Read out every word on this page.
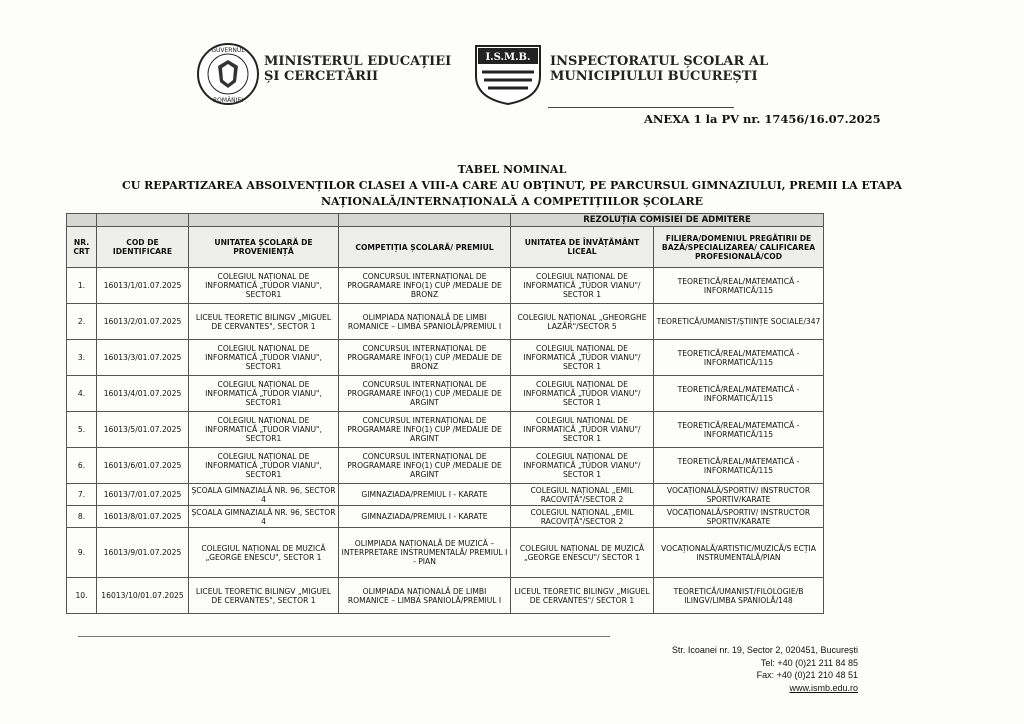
GUVERNUL
ROMÂNIEI
MINISTERUL EDUCAȚIEI
ȘI CERCETĂRII
I.S.M.B. INSPECTORATUL ȘCOLAR AL
MUNICIPIULUI BUCUREȘTI
ANEXA 1 la PV nr. 17456/16.07.2025
TABEL NOMINAL
CU REPARTIZAREA ABSOLVENȚILOR CLASEI A VIII-A CARE AU OBȚINUT, PE PARCURSUL GIMNAZIULUI, PREMII LA ETAPA
NAȚIONALĂ/INTERNAȚIONALĂ A COMPETIȚIILOR ȘCOLARE
				REZOLUȚIA COMISIEI DE ADMITERE	
NR. CRT	COD DE IDENTIFICARE	UNITATEA ȘCOLARĂ DE PROVENIENȚĂ	COMPETIȚIA ȘCOLARĂ/ PREMIUL	UNITATEA DE ÎNVĂȚĂMÂNT LICEAL	FILIERA/DOMENIUL PREGĂTIRII DE BAZĂ/SPECIALIZAREA/ CALIFICAREA PROFESIONALĂ/COD
1.	16013/1/01.07.2025	COLEGIUL NAȚIONAL DE INFORMATICĂ „TUDOR VIANU", SECTOR1	CONCURSUL INTERNAȚIONAL DE PROGRAMARE INFO(1) CUP /MEDALIE DE BRONZ	COLEGIUL NAȚIONAL DE INFORMATICĂ „TUDOR VIANU"/ SECTOR 1	TEORETICĂ/REAL/MATEMATICĂ - INFORMATICĂ/115
2.	16013/2/01.07.2025	LICEUL TEORETIC BILINGV „MIGUEL DE CERVANTES", SECTOR 1	OLIMPIADA NAȚIONALĂ DE LIMBI ROMANICE – LIMBA SPANIOLĂ/PREMIUL I	COLEGIUL NAȚIONAL „GHEORGHE LAZĂR"/SECTOR 5	TEORETICĂ/UMANIST/ȘTIINȚE SOCIALE/347
3.	16013/3/01.07.2025	COLEGIUL NAȚIONAL DE INFORMATICĂ „TUDOR VIANU", SECTOR1	CONCURSUL INTERNAȚIONAL DE PROGRAMARE INFO(1) CUP /MEDALIE DE BRONZ	COLEGIUL NAȚIONAL DE INFORMATICĂ „TUDOR VIANU"/ SECTOR 1	TEORETICĂ/REAL/MATEMATICĂ - INFORMATICĂ/115
4.	16013/4/01.07.2025	COLEGIUL NAȚIONAL DE INFORMATICĂ „TUDOR VIANU", SECTOR1	CONCURSUL INTERNAȚIONAL DE PROGRAMARE INFO(1) CUP /MEDALIE DE ARGINT	COLEGIUL NAȚIONAL DE INFORMATICĂ „TUDOR VIANU"/ SECTOR 1	TEORETICĂ/REAL/MATEMATICĂ - INFORMATICĂ/115
5.	16013/5/01.07.2025	COLEGIUL NAȚIONAL DE INFORMATICĂ „TUDOR VIANU", SECTOR1	CONCURSUL INTERNAȚIONAL DE PROGRAMARE INFO(1) CUP /MEDALIE DE ARGINT	COLEGIUL NAȚIONAL DE INFORMATICĂ „TUDOR VIANU"/ SECTOR 1	TEORETICĂ/REAL/MATEMATICĂ - INFORMATICĂ/115
6.	16013/6/01.07.2025	COLEGIUL NAȚIONAL DE INFORMATICĂ „TUDOR VIANU", SECTOR1	CONCURSUL INTERNAȚIONAL DE PROGRAMARE INFO(1) CUP /MEDALIE DE ARGINT	COLEGIUL NAȚIONAL DE INFORMATICĂ „TUDOR VIANU"/ SECTOR 1	TEORETICĂ/REAL/MATEMATICĂ - INFORMATICĂ/115
7.	16013/7/01.07.2025	ȘCOALA GIMNAZIALĂ NR. 96, SECTOR 4	GIMNAZIADA/PREMIUL I - KARATE	COLEGIUL NAȚIONAL „EMIL RACOVIȚĂ"/SECTOR 2	VOCAȚIONALĂ/SPORTIV/ INSTRUCTOR SPORTIV/KARATE
8.	16013/8/01.07.2025	ȘCOALA GIMNAZIALĂ NR. 96, SECTOR 4	GIMNAZIADA/PREMIUL I - KARATE	COLEGIUL NAȚIONAL „EMIL RACOVIȚĂ"/SECTOR 2	VOCAȚIONALĂ/SPORTIV/ INSTRUCTOR SPORTIV/KARATE
9.	16013/9/01.07.2025	COLEGIUL NAȚIONAL DE MUZICĂ „GEORGE ENESCU", SECTOR 1	OLIMPIADA NAȚIONALĂ DE MUZICĂ – INTERPRETARE INSTRUMENTALĂ/ PREMIUL I - PIAN	COLEGIUL NAȚIONAL DE MUZICĂ „GEORGE ENESCU"/ SECTOR 1	VOCAȚIONALĂ/ARTISTIC/MUZICĂ/S ECȚIA INSTRUMENTALĂ/PIAN
10.	16013/10/01.07.2025	LICEUL TEORETIC BILINGV „MIGUEL DE CERVANTES", SECTOR 1	OLIMPIADA NAȚIONALĂ DE LIMBI ROMANICE – LIMBA SPANIOLĂ/PREMIUL I	LICEUL TEORETIC BILINGV „MIGUEL DE CERVANTES"/ SECTOR 1	TEORETICĂ/UMANIST/FILOLOGIE/B ILINGV/LIMBA SPANIOLĂ/148
Str. Icoanei nr. 19, Sector 2, 020451, București
Tel: +40 (0)21 211 84 85
Fax: +40 (0)21 210 48 51
www.ismb.edu.ro
